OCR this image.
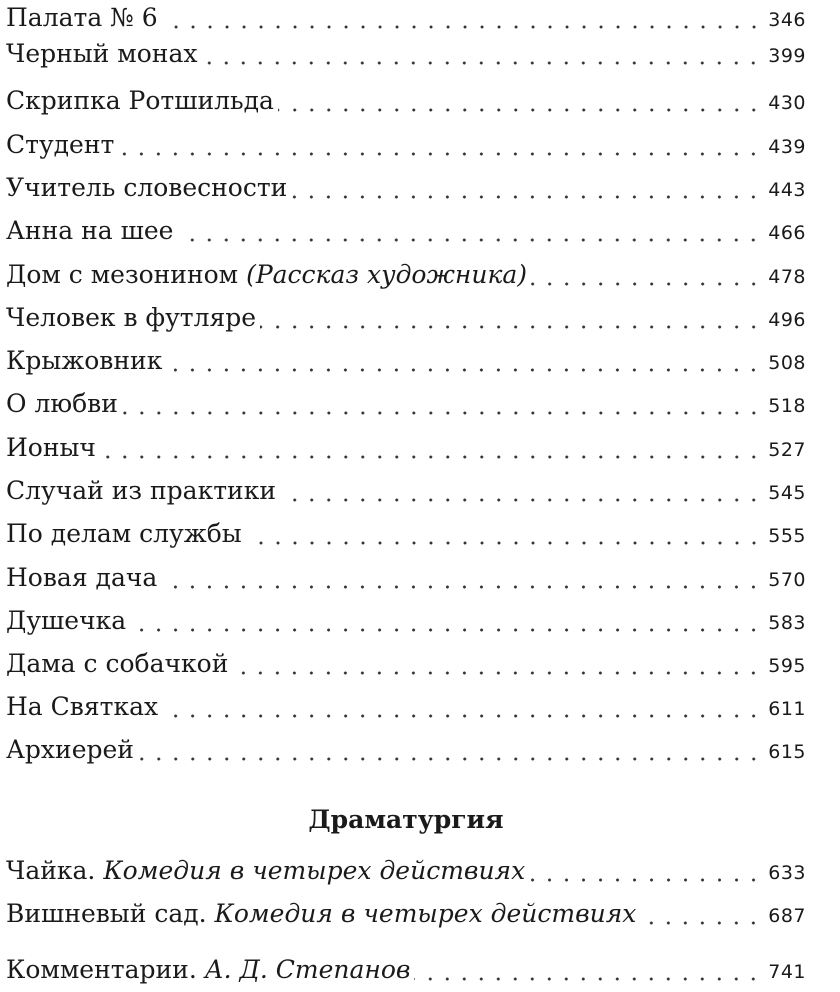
Палата № 6	346
Черный монах	399
Скрипка Ротшильда	430
Студент	439
Учитель словесности	443
Анна на шее	466
Дом с мезонином (Рассказ художника)	478
Человек в футляре	496
Крыжовник	508
О любви	518
Ионыч	527
Случай из практики	545
По делам службы	555
Новая дача	570
Душечка	583
Дама с собачкой	595
На Святках	611
Архиерей	615
Драматургия
Чайка. Комедия в четырех действиях	633
Вишневый сад. Комедия в четырех действиях	687
Комментарии. А. Д. Степанов	741
